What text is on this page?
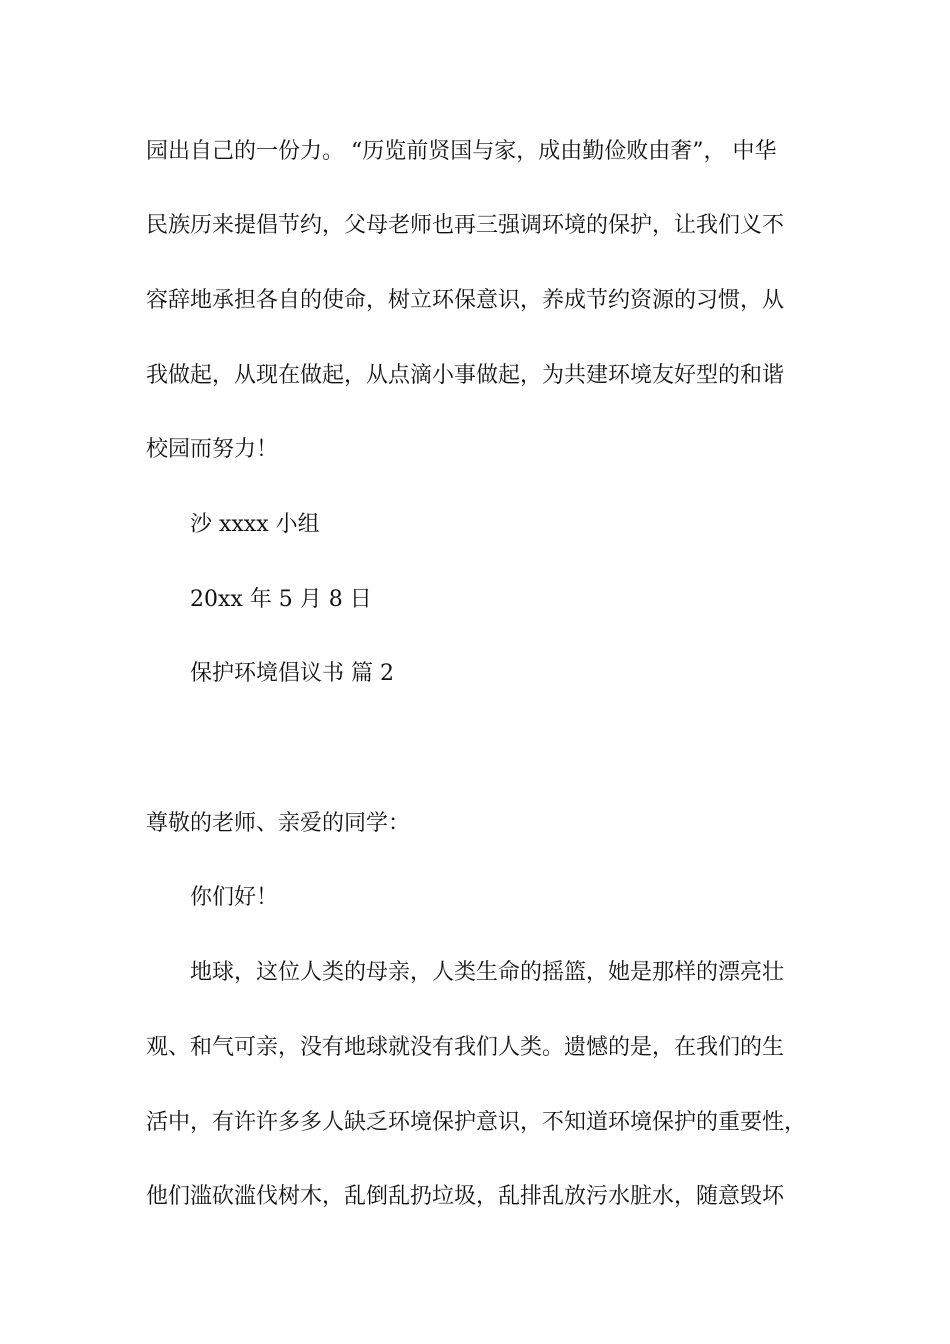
园出自己的一份力。 “历览前贤国与家，成由勤俭败由奢”， 中华
民族历来提倡节约，父母老师也再三强调环境的保护，让我们义不
容辞地承担各自的使命，树立环保意识，养成节约资源的习惯，从
我做起，从现在做起，从点滴小事做起，为共建环境友好型的和谐
校园而努力！
沙 xxxx 小组
20xx 年 5 月 8 日
保护环境倡议书 篇 2
尊敬的老师、亲爱的同学：
你们好！
地球，这位人类的母亲，人类生命的摇篮，她是那样的漂亮壮
观、和气可亲，没有地球就没有我们人类。遗憾的是，在我们的生
活中，有许许多多人缺乏环境保护意识，不知道环境保护的重要性，
他们滥砍滥伐树木，乱倒乱扔垃圾，乱排乱放污水脏水，随意毁坏
